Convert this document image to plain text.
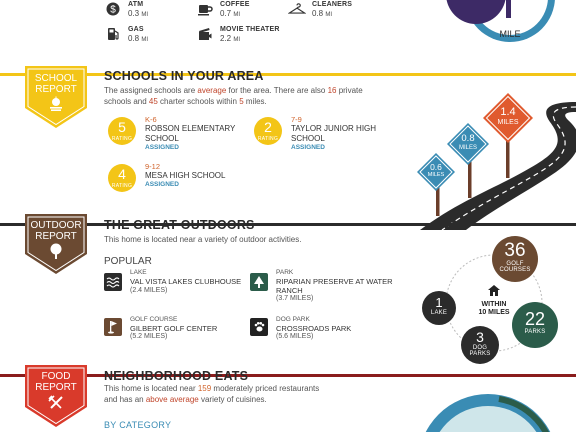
$ ATM
0.3 MI
COFFEE
0.7 MI
CLEANERS
0.8 MI
GAS
0.8 MI
MOVIE THEATER
2.2 MI
MILE
SCHOOL
REPORT
SCHOOLS IN YOUR AREA
The assigned schools are average for the area. There are also 16 private
schools and 45 charter schools within 5 miles.
5
RATING
K-6
ROBSON ELEMENTARY
SCHOOL
ASSIGNED
2
RATING
7-9
TAYLOR JUNIOR HIGH
SCHOOL
ASSIGNED
4
RATING
9-12
MESA HIGH SCHOOL
ASSIGNED
1.4
MILES
0.8
MILES
0.6
MILES
OUTDOOR
REPORT
THE GREAT OUTDOORS
This home is located near a variety of outdoor activities.
POPULAR
LAKE
VAL VISTA LAKES CLUBHOUSE
(2.4 MILES)
PARK
RIPARIAN PRESERVE AT WATER
RANCH
(3.7 MILES)
GOLF COURSE
GILBERT GOLF CENTER
(5.2 MILES)
DOG PARK
CROSSROADS PARK
(5.6 MILES)
WITHIN
10 MILES
36
GOLF
COURSES
1
LAKE	22
PARKS
3
DOG
PARKS
FOOD
REPORT
NEIGHBORHOOD EATS
This home is located near 159 moderately priced restaurants
and has an above average variety of cuisines.
BY CATEGORY
